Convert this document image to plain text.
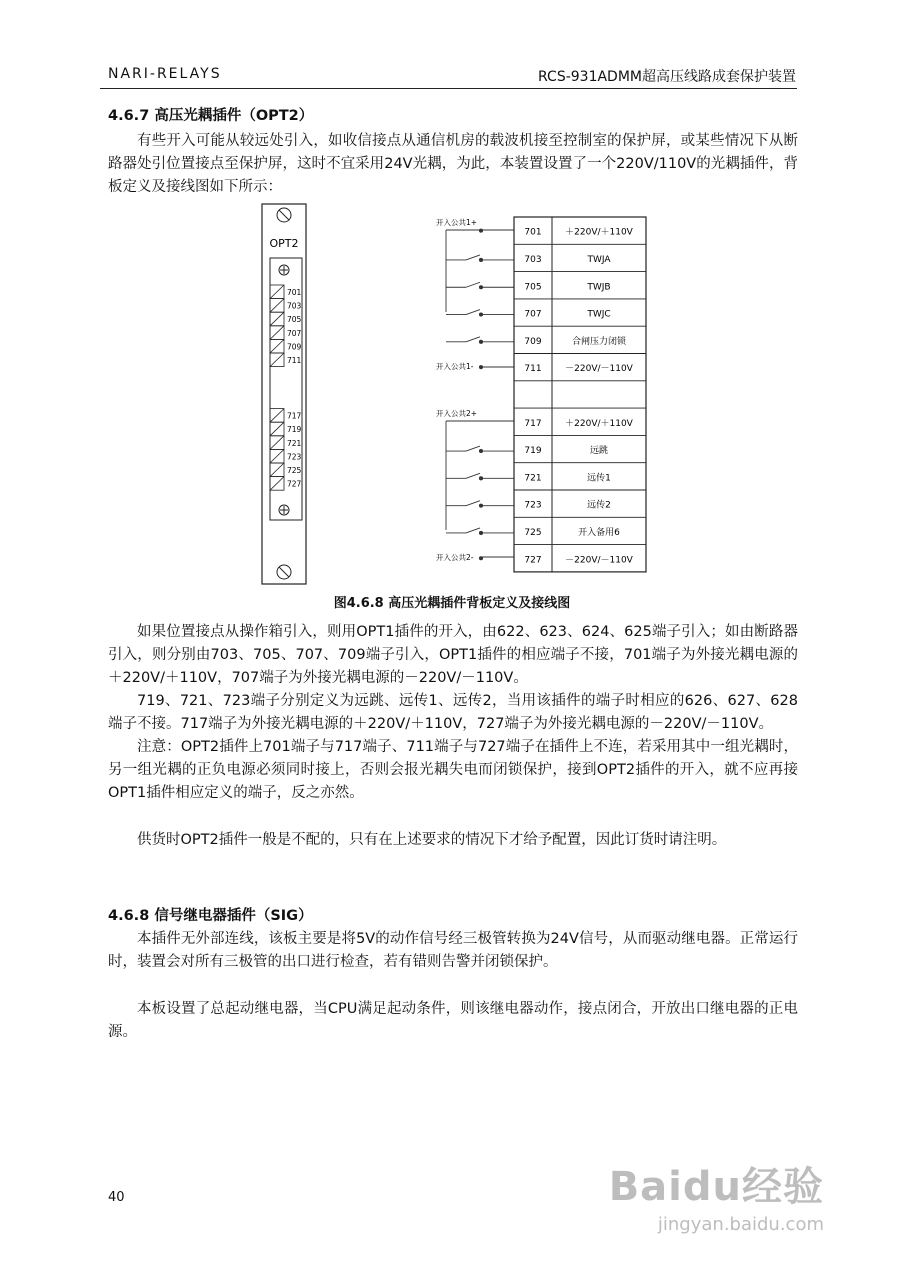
NARI-RELAYS	RCS-931ADMM超高压线路成套保护装置
4.6.7 高压光耦插件（OPT2）

有些开入可能从较远处引入，如收信接点从通信机房的载波机接至控制室的保护屏，或某些情况下从断路器处引位置接点至保护屏，这时不宜采用24V光耦，为此，本装置设置了一个220V/110V的光耦插件，背板定义及接线图如下所示：

OPT2
701
703
705
707
709
711
717
719
721
723
725
727
开入公共1+
开入公共1-
开入公共2+
开入公共2-
701	＋220V/＋110V
703	TWJA
705	TWJB
707	TWJC
709	合闸压力闭锁
711	－220V/－110V
717	＋220V/＋110V
719	远跳
721	远传1
723	远传2
725	开入备用6
727	－220V/－110V
图4.6.8 高压光耦插件背板定义及接线图

如果位置接点从操作箱引入，则用OPT1插件的开入，由622、623、624、625端子引入；如由断路器引入，则分别由703、705、707、709端子引入，OPT1插件的相应端子不接，701端子为外接光耦电源的＋220V/＋110V，707端子为外接光耦电源的－220V/－110V。

719、721、723端子分别定义为远跳、远传1、远传2，当用该插件的端子时相应的626、627、628端子不接。717端子为外接光耦电源的＋220V/＋110V，727端子为外接光耦电源的－220V/－110V。

注意：OPT2插件上701端子与717端子、711端子与727端子在插件上不连，若采用其中一组光耦时，另一组光耦的正负电源必须同时接上，否则会报光耦失电而闭锁保护，接到OPT2插件的开入，就不应再接OPT1插件相应定义的端子，反之亦然。

供货时OPT2插件一般是不配的，只有在上述要求的情况下才给予配置，因此订货时请注明。

4.6.8 信号继电器插件（SIG）

本插件无外部连线，该板主要是将5V的动作信号经三极管转换为24V信号，从而驱动继电器。正常运行时，装置会对所有三极管的出口进行检查，若有错则告警并闭锁保护。

本板设置了总起动继电器，当CPU满足起动条件，则该继电器动作，接点闭合，开放出口继电器的正电源。

40	Baidu经验
jingyan.baidu.com
